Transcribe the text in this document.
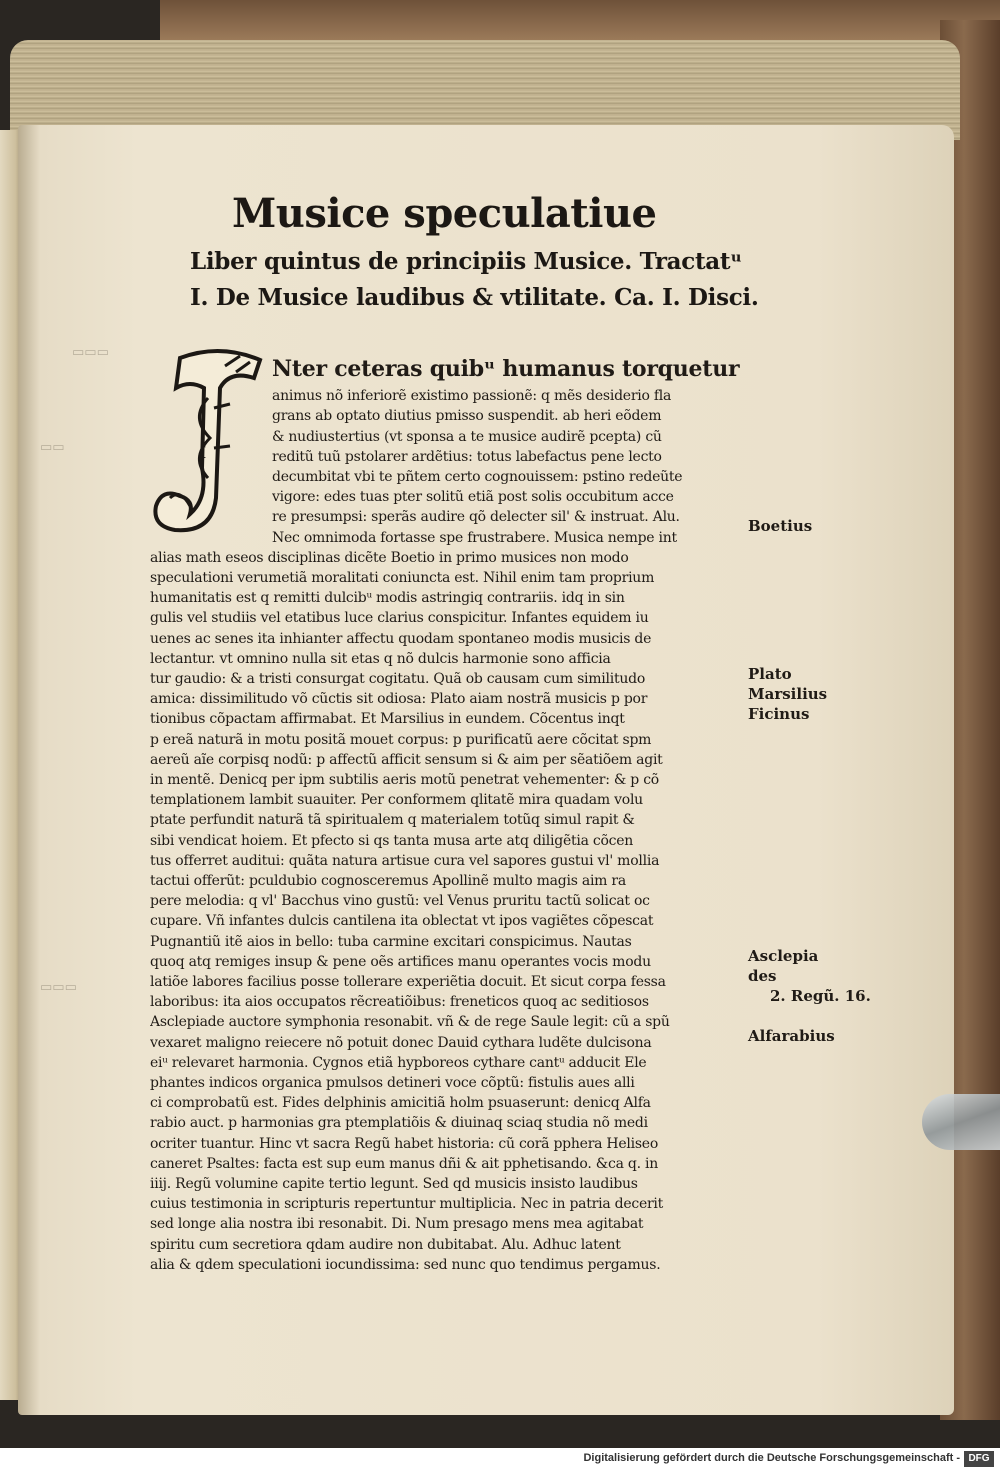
▭▭▭
▭▭
▭▭▭
Musice speculatiue
Liber quintus de principiis Musice. Tractatᵘ
I. De Musice laudibus & vtilitate. Ca. I. Disci.
I
Nter ceteras quibᵘ humanus torquetur
animus nõ inferiorẽ existimo passionẽ: q mẽs desiderio fla
grans ab optato diutius pmisso suspendit. ab heri eõdem
& nudiustertius (vt sponsa a te musice audirẽ pcepta) cũ
reditũ tuũ pstolarer ardẽtius: totus labefactus pene lecto
decumbitat vbi te pñtem certo cognouissem: pstino redeũte
vigore: edes tuas pter solitũ etiã post solis occubitum acce
re presumpsi: sperãs audire qõ delecter sil' & instruat. Alu.
Nec omnimoda fortasse spe frustraberе. Musica nempe int
alias math eseos disciplinas dicẽte Boetio in primo musices non modo
speculationi verumetiã moralitati coniuncta est. Nihil enim tam proprium
humanitatis est q remitti dulcibᵘ modis astringiq contrariis. idq in sin
gulis vel studiis vel etatibus luce clarius conspicitur. Infantes equidem iu
uenes ac senes ita inhianter affectu quodam spontaneo modis musicis de
lectantur. vt omnino nulla sit etas q nõ dulcis harmonie sono afficia
tur gaudio: & a tristi consurgat cogitatu. Quã ob causam cum similitudo
amica: dissimilitudo võ cũctis sit odiosa: Plato aiam nostrã musicis p por
tionibus cõpactam affirmabat. Et Marsilius in eundem. Cõcentus inqt
p ereã naturã in motu positã mouet corpus: p purificatũ aere cõcitat spm
aereũ aĩe corpisq nodũ: p affectũ afficit sensum si & aim per sẽatiõem agit
in mentẽ. Denicq per ipm subtilis aeris motũ penetrat vehementer: & p cõ
templationem lambit suauiter. Per conformem qlitatẽ mira quadam volu
ptate perfundit naturã tã spiritualem q materialem totũq simul rapit &
sibi vendicat hoiem. Et pfecto si qs tanta musa arte atq diligẽtia cõcen
tus offerret auditui: quãta natura artisue cura vel sapores gustui vl' mollia
tactui offerũt: pculdubio cognosceremus Apollinẽ multo magis aim ra
pere melodia: q vl' Bacchus vino gustũ: vel Venus pruritu tactũ solicat oc
cupare. Vñ infantes dulcis cantilena ita oblectat vt ipos vagiẽtes cõpescat
Pugnantiũ itẽ aios in bello: tuba carmine excitari conspicimus. Nautas
quoq atq remiges insup & pene oẽs artifices manu operantes vocis modu
latiõe labores facilius posse tollerare experiẽtia docuit. Et sicut corpa fessa
laboribus: ita aios occupatos rẽcreatiõibus: freneticos quoq ac seditiosos
Asclepiade auctore symphonia resonabit. vñ & de rege Saule legit: cũ a spũ
vexaret maligno reiecere nõ potuit donec Dauid cythara ludẽte dulcisona
eiᵘ relevaret harmonia. Cygnos etiã hypboreos cythare cantᵘ adducit Ele
phantes indicos organica pmulsos detineri voce cõptũ: fistulis aues alli
ci comprobatũ est. Fides delphinis amicitiã holm psuaserunt: denicq Alfa
rabio auct. p harmonias gra ptemplatiõis & diuinaq sciaq studia nõ medi
ocriter tuantur. Hinc vt sacra Regũ habet historia: cũ corã pphera Heliseo
caneret Psaltes: facta est sup eum manus dñi & ait pphetisando. &ca q. in
iiij. Regũ volumine capite tertio legunt. Sed qd musicis insisto laudibus
cuius testimonia in scripturis repertuntur multiplicia. Nec in patria decerit
sed longe alia nostra ibi resonabit. Di. Num presago mens mea agitabat
spiritu cum secretiora qdam audire non dubitabat. Alu. Adhuc latent
alia & qdem speculationi iocundissima: sed nunc quo tendimus pergamus.
Boetius
Plato
Marsilius
Ficinus
Asclepia
des
2. Regũ. 16.
Alfarabius
Digitalisierung gefördert durch die Deutsche Forschungsgemeinschaft - DFG
